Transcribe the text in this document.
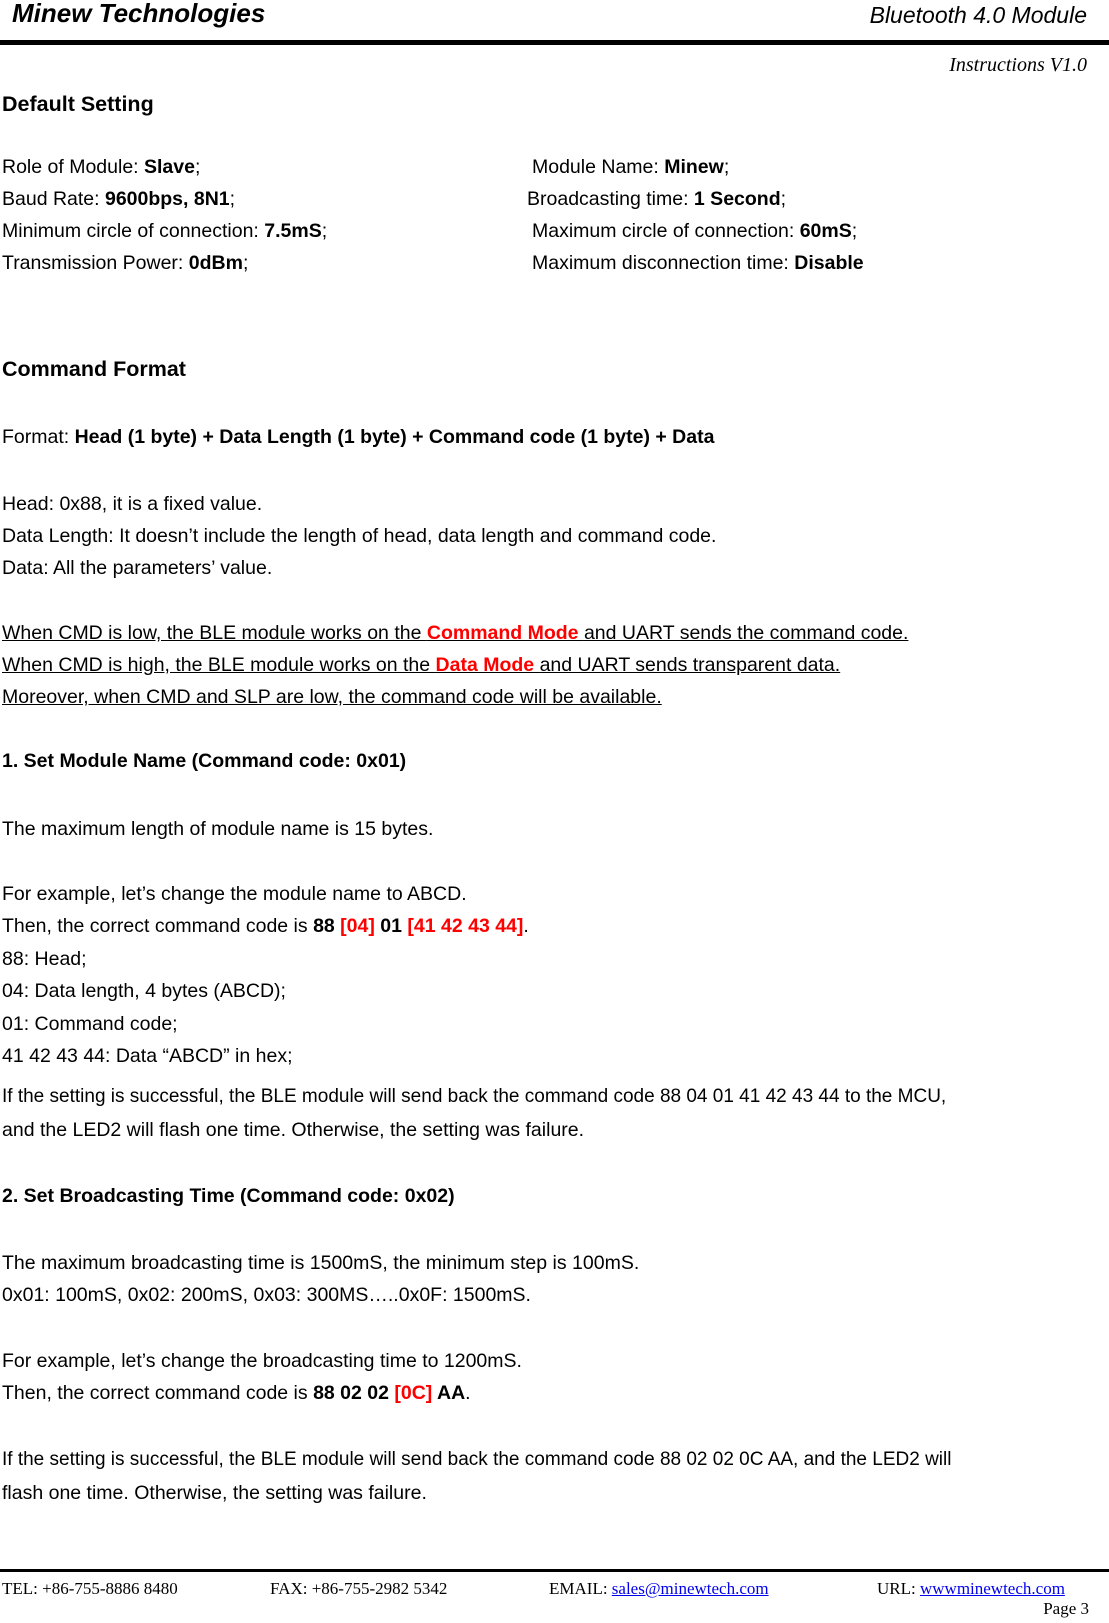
Minew Technologies	Bluetooth 4.0 Module
Instructions V1.0
Default Setting
Role of Module: Slave;	Module Name: Minew;
Baud Rate: 9600bps, 8N1;	Broadcasting time: 1 Second;
Minimum circle of connection: 7.5mS;	Maximum circle of connection: 60mS;
Transmission Power: 0dBm;	Maximum disconnection time: Disable
Command Format
Format: Head (1 byte) + Data Length (1 byte) + Command code (1 byte) + Data
Head: 0x88, it is a fixed value.
Data Length: It doesn’t include the length of head, data length and command code.
Data: All the parameters’ value.
When CMD is low, the BLE module works on the Command Mode and UART sends the command code.
When CMD is high, the BLE module works on the Data Mode and UART sends transparent data.
Moreover, when CMD and SLP are low, the command code will be available.
1. Set Module Name (Command code: 0x01)
The maximum length of module name is 15 bytes.
For example, let’s change the module name to ABCD.
Then, the correct command code is 88 [04] 01 [41 42 43 44].
88: Head;
04: Data length, 4 bytes (ABCD);
01: Command code;
41 42 43 44: Data “ABCD” in hex;
If the setting is successful, the BLE module will send back the command code 88 04 01 41 42 43 44 to the MCU,
and the LED2 will flash one time. Otherwise, the setting was failure.
2. Set Broadcasting Time (Command code: 0x02)
The maximum broadcasting time is 1500mS, the minimum step is 100mS.
0x01: 100mS, 0x02: 200mS, 0x03: 300MS…..0x0F: 1500mS.
For example, let’s change the broadcasting time to 1200mS.
Then, the correct command code is 88 02 02 [0C] AA.
If the setting is successful, the BLE module will send back the command code 88 02 02 0C AA, and the LED2 will
flash one time. Otherwise, the setting was failure.
TEL: +86-755-8886 8480	FAX: +86-755-2982 5342	EMAIL: sales@minewtech.com	URL: wwwminewtech.com
Page 3
